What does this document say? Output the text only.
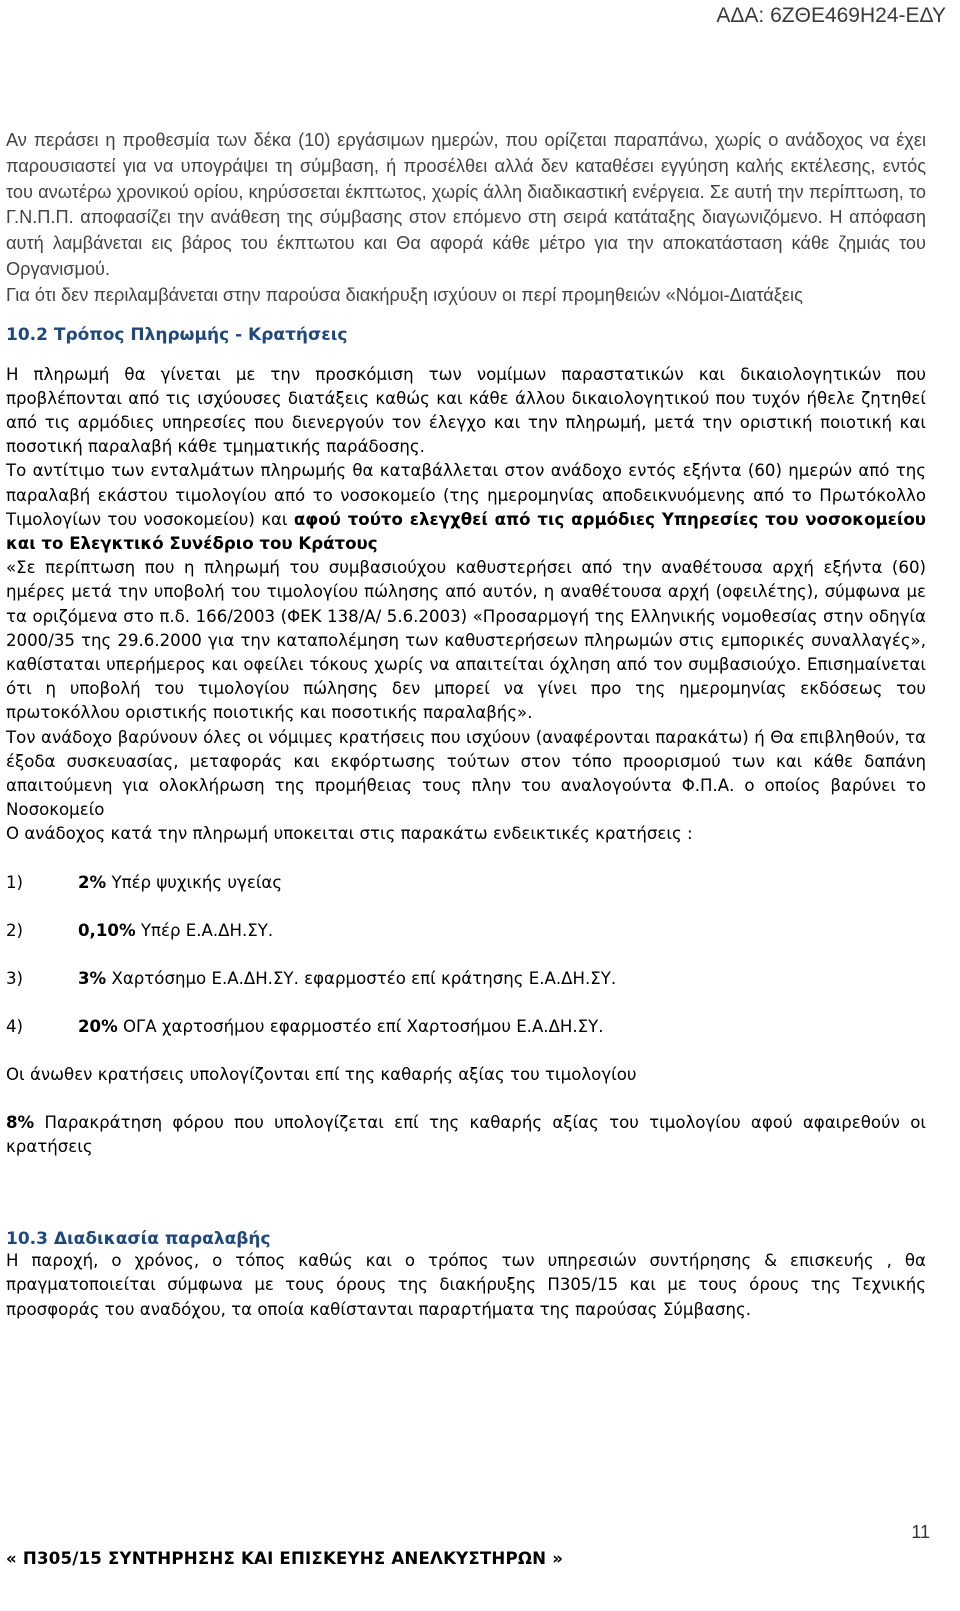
ΑΔΑ: 6ΖΘΕ469Η24-ΕΔΥ

Αν περάσει η προθεσμία των δέκα (10) εργάσιμων ημερών, που ορίζεται παραπάνω, χωρίς ο ανάδοχος να έχει παρουσιαστεί για να υπογράψει τη σύμβαση, ή προσέλθει αλλά δεν καταθέσει εγγύηση καλής εκτέλεσης, εντός του ανωτέρω χρονικού ορίου, κηρύσσεται έκπτωτος, χωρίς άλλη διαδικαστική ενέργεια. Σε αυτή την περίπτωση, το Γ.Ν.Π.Π. αποφασίζει την ανάθεση της σύμβασης στον επόμενο στη σειρά κατάταξης διαγωνιζόμενο. Η απόφαση αυτή λαμβάνεται εις βάρος του έκπτωτου και Θα αφορά κάθε μέτρο για την αποκατάσταση κάθε ζημιάς του Οργανισμού.

Για ότι δεν περιλαμβάνεται στην παρούσα διακήρυξη ισχύουν οι περί προμηθειών «Νόμοι-Διατάξεις

10.2 Τρόπος Πληρωμής - Κρατήσεις

Η πληρωμή θα γίνεται με την προσκόμιση των νομίμων παραστατικών και δικαιολογητικών που προβλέπονται από τις ισχύουσες διατάξεις καθώς και κάθε άλλου δικαιολογητικού που τυχόν ήθελε ζητηθεί από τις αρμόδιες υπηρεσίες που διενεργούν τον έλεγχο και την πληρωμή, μετά την οριστική ποιοτική και ποσοτική παραλαβή κάθε τμηματικής παράδοσης.

Το αντίτιμο των ενταλμάτων πληρωμής θα καταβάλλεται στον ανάδοχο εντός εξήντα (60) ημερών από της παραλαβή εκάστου τιμολογίου από το νοσοκομείο (της ημερομηνίας αποδεικνυόμενης από το Πρωτόκολλο Τιμολογίων του νοσοκομείου) και αφού τούτο ελεγχθεί από τις αρμόδιες Υπηρεσίες του νοσοκομείου και το Ελεγκτικό Συνέδριο του Κράτους

«Σε περίπτωση που η πληρωμή του συμβασιούχου καθυστερήσει από την αναθέτουσα αρχή εξήντα (60) ημέρες μετά την υποβολή του τιμολογίου πώλησης από αυτόν, η αναθέτουσα αρχή (οφειλέτης), σύμφωνα με τα οριζόμενα στο π.δ. 166/2003 (ΦΕΚ 138/Α/ 5.6.2003) «Προσαρμογή της Ελληνικής νομοθεσίας στην οδηγία 2000/35 της 29.6.2000 για την καταπολέμηση των καθυστερήσεων πληρωμών στις εμπορικές συναλλαγές», καθίσταται υπερήμερος και οφείλει τόκους χωρίς να απαιτείται όχληση από τον συμβασιούχο. Επισημαίνεται ότι η υποβολή του τιμολογίου πώλησης δεν μπορεί να γίνει προ της ημερομηνίας εκδόσεως του πρωτοκόλλου οριστικής ποιοτικής και ποσοτικής παραλαβής».

Τον ανάδοχο βαρύνουν όλες οι νόμιμες κρατήσεις που ισχύουν (αναφέρονται παρακάτω) ή Θα επιβληθούν, τα έξοδα συσκευασίας, μεταφοράς και εκφόρτωσης τούτων στον τόπο προορισμού των και κάθε δαπάνη απαιτούμενη για ολοκλήρωση της προμήθειας τους πλην του αναλογούντα Φ.Π.Α. ο οποίος βαρύνει το Νοσοκομείο

Ο ανάδοχος κατά την πληρωμή υποκειται στις παρακάτω ενδεικτικές κρατήσεις :

1)	2% Υπέρ ψυχικής υγείας

2)	0,10% Υπέρ Ε.Α.ΔΗ.ΣΥ.

3)	3% Χαρτόσημο Ε.Α.ΔΗ.ΣΥ. εφαρμοστέο επί κράτησης Ε.Α.ΔΗ.ΣΥ.

4)	20% ΟΓΑ χαρτοσήμου εφαρμοστέο επί Χαρτοσήμου Ε.Α.ΔΗ.ΣΥ.

Οι άνωθεν κρατήσεις υπολογίζονται επί της καθαρής αξίας του τιμολογίου

8% Παρακράτηση φόρου που υπολογίζεται επί της καθαρής αξίας του τιμολογίου αφού αφαιρεθούν οι κρατήσεις

10.3 Διαδικασία παραλαβής

Η παροχή, ο χρόνος, ο τόπος καθώς και ο τρόπος των υπηρεσιών συντήρησης & επισκευής , θα πραγματοποιείται σύμφωνα με τους όρους της διακήρυξης Π305/15 και με τους όρους της Τεχνικής προσφοράς του αναδόχου, τα οποία καθίστανται παραρτήματα της παρούσας Σύμβασης.

11
« Π305/15 ΣΥΝΤΗΡΗΣΗΣ ΚΑΙ ΕΠΙΣΚΕΥΗΣ ΑΝΕΛΚΥΣΤΗΡΩΝ »
